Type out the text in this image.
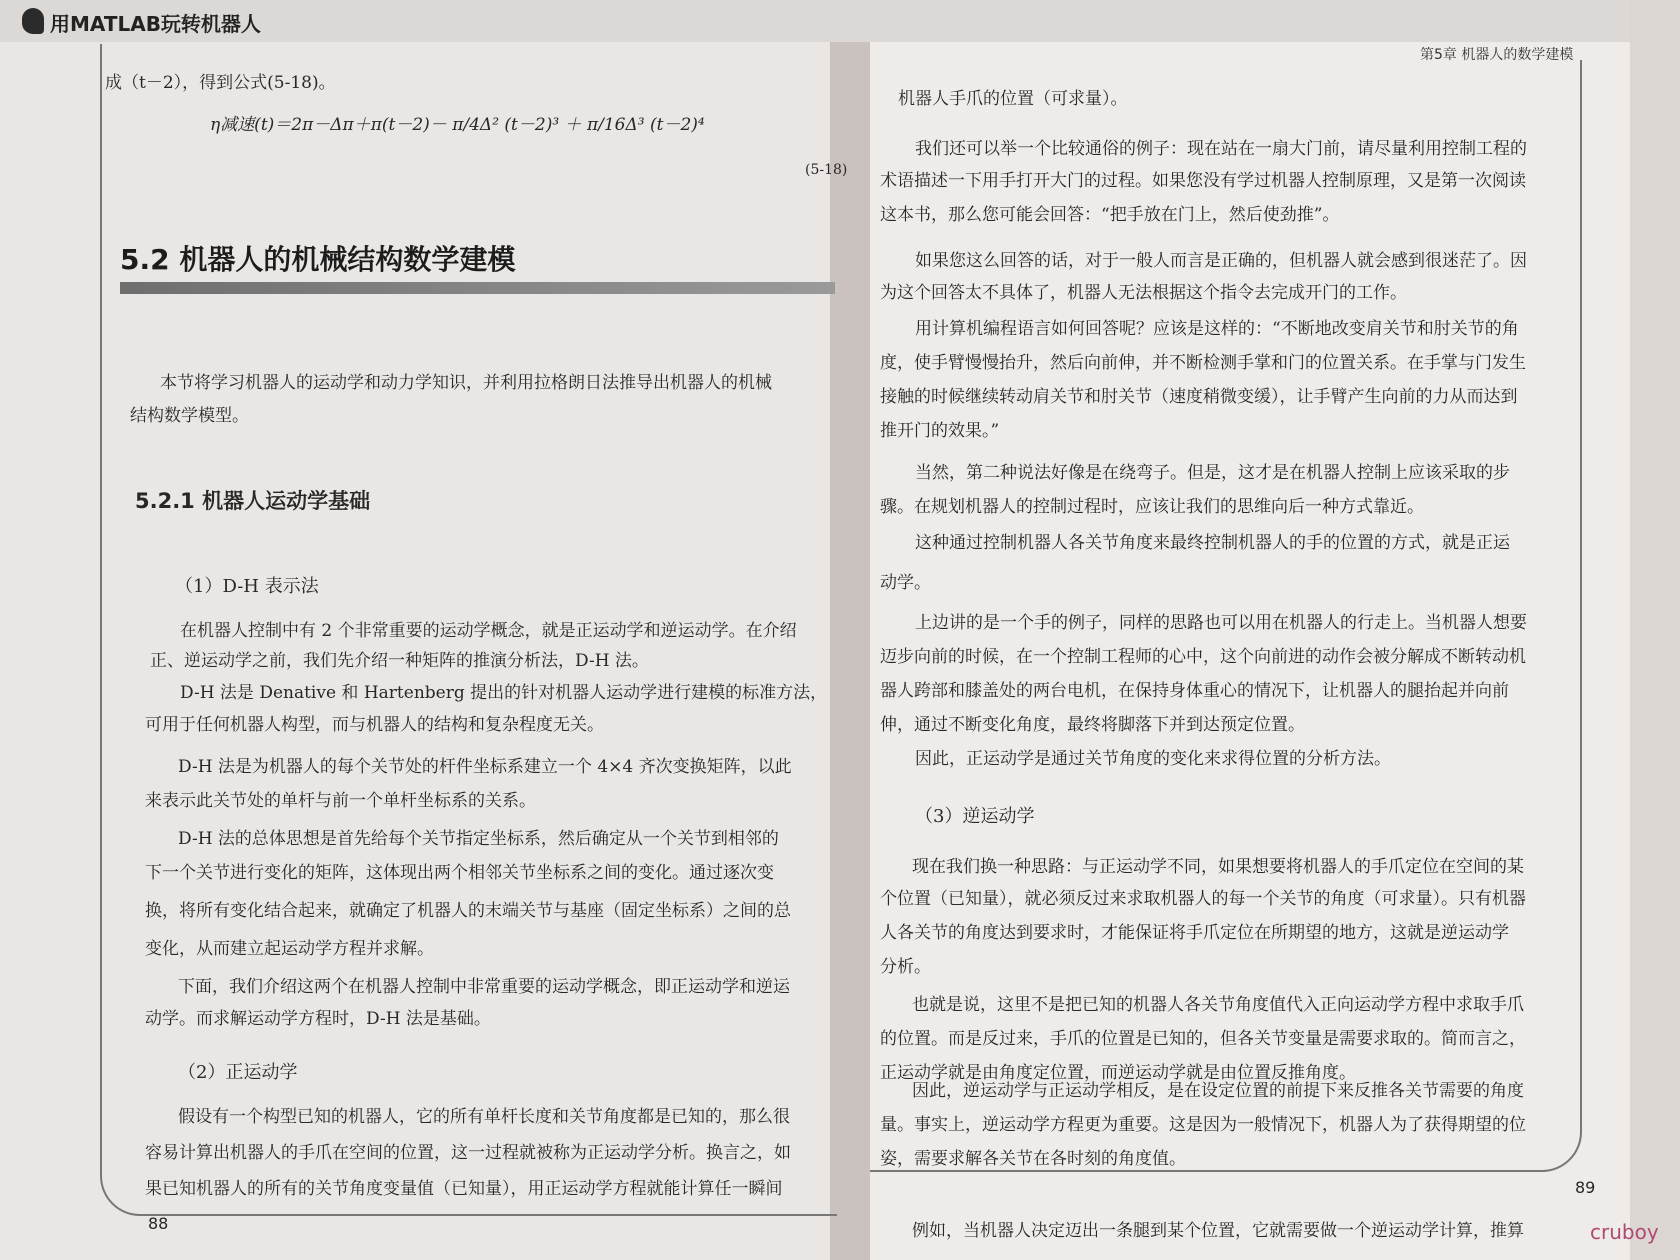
用MATLAB玩转机器人
第5章 机器人的数学建模
成（t－2），得到公式(5-18)。
η减速(t)＝2π－Δπ＋π(t－2)－ π/4Δ² (t－2)³ ＋ π/16Δ³ (t－2)⁴
(5-18)
5.2 机器人的机械结构数学建模
本节将学习机器人的运动学和动力学知识，并利用拉格朗日法推导出机器人的机械
结构数学模型。
5.2.1 机器人运动学基础
（1）D-H 表示法
在机器人控制中有 2 个非常重要的运动学概念，就是正运动学和逆运动学。在介绍
正、逆运动学之前，我们先介绍一种矩阵的推演分析法，D-H 法。
D-H 法是 Denative 和 Hartenberg 提出的针对机器人运动学进行建模的标准方法，
可用于任何机器人构型，而与机器人的结构和复杂程度无关。
D-H 法是为机器人的每个关节处的杆件坐标系建立一个 4×4 齐次变换矩阵，以此
来表示此关节处的单杆与前一个单杆坐标系的关系。
D-H 法的总体思想是首先给每个关节指定坐标系，然后确定从一个关节到相邻的
下一个关节进行变化的矩阵，这体现出两个相邻关节坐标系之间的变化。通过逐次变
换，将所有变化结合起来，就确定了机器人的末端关节与基座（固定坐标系）之间的总
变化，从而建立起运动学方程并求解。
下面，我们介绍这两个在机器人控制中非常重要的运动学概念，即正运动学和逆运
动学。而求解运动学方程时，D-H 法是基础。
（2）正运动学
假设有一个构型已知的机器人，它的所有单杆长度和关节角度都是已知的，那么很
容易计算出机器人的手爪在空间的位置，这一过程就被称为正运动学分析。换言之，如
果已知机器人的所有的关节角度变量值（已知量），用正运动学方程就能计算任一瞬间
88
机器人手爪的位置（可求量）。
我们还可以举一个比较通俗的例子：现在站在一扇大门前，请尽量利用控制工程的
术语描述一下用手打开大门的过程。如果您没有学过机器人控制原理，又是第一次阅读
这本书，那么您可能会回答：“把手放在门上，然后使劲推”。
如果您这么回答的话，对于一般人而言是正确的，但机器人就会感到很迷茫了。因
为这个回答太不具体了，机器人无法根据这个指令去完成开门的工作。
用计算机编程语言如何回答呢？应该是这样的：“不断地改变肩关节和肘关节的角
度，使手臂慢慢抬升，然后向前伸，并不断检测手掌和门的位置关系。在手掌与门发生
接触的时候继续转动肩关节和肘关节（速度稍微变缓），让手臂产生向前的力从而达到
推开门的效果。”
当然，第二种说法好像是在绕弯子。但是，这才是在机器人控制上应该采取的步
骤。在规划机器人的控制过程时，应该让我们的思维向后一种方式靠近。
这种通过控制机器人各关节角度来最终控制机器人的手的位置的方式，就是正运
动学。
上边讲的是一个手的例子，同样的思路也可以用在机器人的行走上。当机器人想要
迈步向前的时候，在一个控制工程师的心中，这个向前进的动作会被分解成不断转动机
器人跨部和膝盖处的两台电机，在保持身体重心的情况下，让机器人的腿抬起并向前
伸，通过不断变化角度，最终将脚落下并到达预定位置。
因此，正运动学是通过关节角度的变化来求得位置的分析方法。
（3）逆运动学
现在我们换一种思路：与正运动学不同，如果想要将机器人的手爪定位在空间的某
个位置（已知量），就必须反过来求取机器人的每一个关节的角度（可求量）。只有机器
人各关节的角度达到要求时，才能保证将手爪定位在所期望的地方，这就是逆运动学
分析。
也就是说，这里不是把已知的机器人各关节角度值代入正向运动学方程中求取手爪
的位置。而是反过来，手爪的位置是已知的，但各关节变量是需要求取的。简而言之，
正运动学就是由角度定位置，而逆运动学就是由位置反推角度。
因此，逆运动学与正运动学相反，是在设定位置的前提下来反推各关节需要的角度
量。事实上，逆运动学方程更为重要。这是因为一般情况下，机器人为了获得期望的位
姿，需要求解各关节在各时刻的角度值。
例如，当机器人决定迈出一条腿到某个位置，它就需要做一个逆运动学计算，推算
89
cruboy
